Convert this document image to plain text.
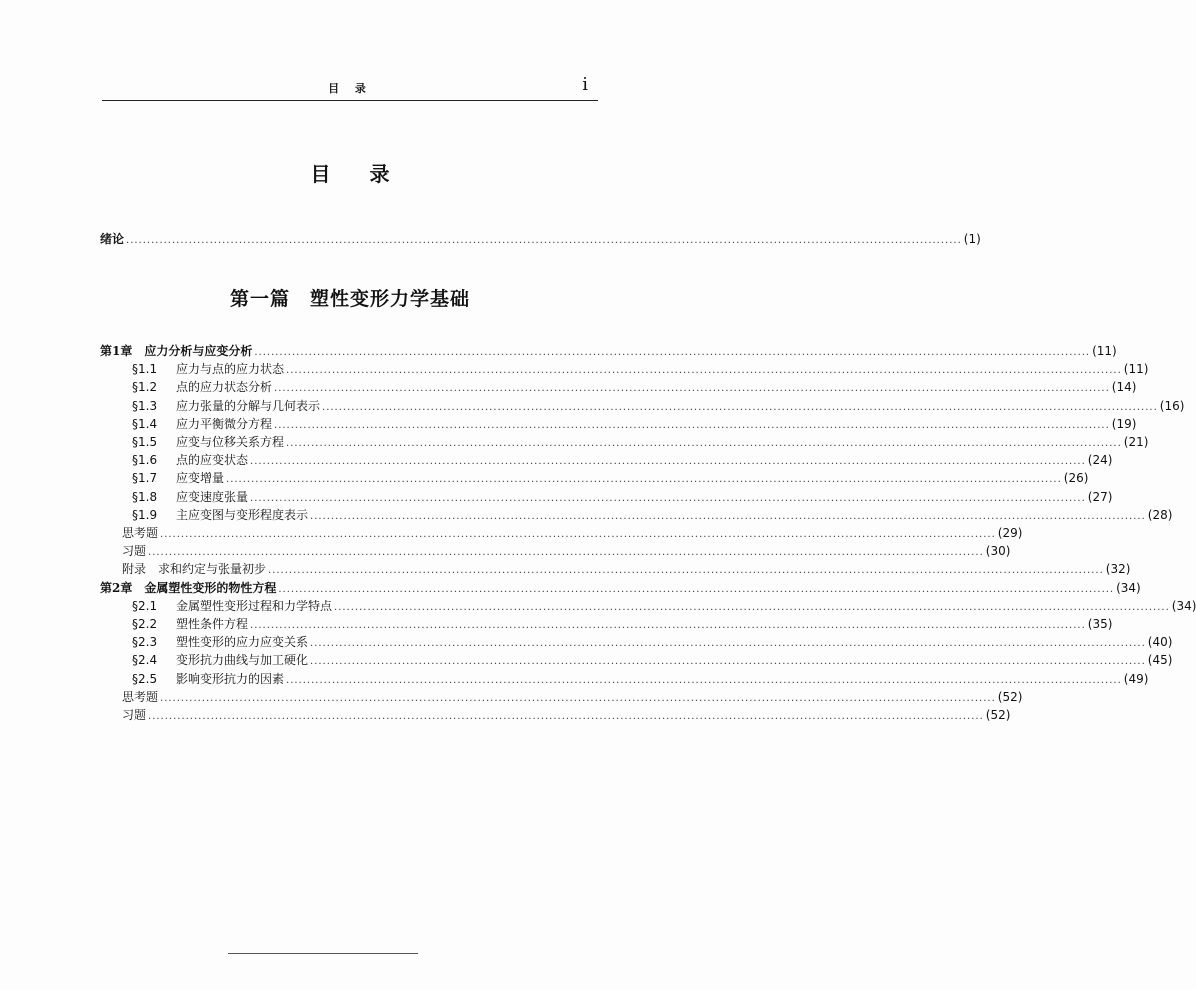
目 录	i
目 录
绪论 ........................................................................................................................................................................................................ (1)
第一篇　塑性变形力学基础
第1章　应力分析与应变分析 ........................................................................................................................................................................................................ (11)
§1.1	应力与点的应力状态 ........................................................................................................................................................................................................ (11)
§1.2	点的应力状态分析 ........................................................................................................................................................................................................ (14)
§1.3	应力张量的分解与几何表示 ........................................................................................................................................................................................................ (16)
§1.4	应力平衡微分方程 ........................................................................................................................................................................................................ (19)
§1.5	应变与位移关系方程 ........................................................................................................................................................................................................ (21)
§1.6	点的应变状态 ........................................................................................................................................................................................................ (24)
§1.7	应变增量 ........................................................................................................................................................................................................ (26)
§1.8	应变速度张量 ........................................................................................................................................................................................................ (27)
§1.9	主应变图与变形程度表示 ........................................................................................................................................................................................................ (28)
思考题 ........................................................................................................................................................................................................ (29)
习题 ........................................................................................................................................................................................................ (30)
附录　求和约定与张量初步 ........................................................................................................................................................................................................ (32)
第2章　金属塑性变形的物性方程 ........................................................................................................................................................................................................ (34)
§2.1	金属塑性变形过程和力学特点 ........................................................................................................................................................................................................ (34)
§2.2	塑性条件方程 ........................................................................................................................................................................................................ (35)
§2.3	塑性变形的应力应变关系 ........................................................................................................................................................................................................ (40)
§2.4	变形抗力曲线与加工硬化 ........................................................................................................................................................................................................ (45)
§2.5	影响变形抗力的因素 ........................................................................................................................................................................................................ (49)
思考题 ........................................................................................................................................................................................................ (52)
习题 ........................................................................................................................................................................................................ (52)
